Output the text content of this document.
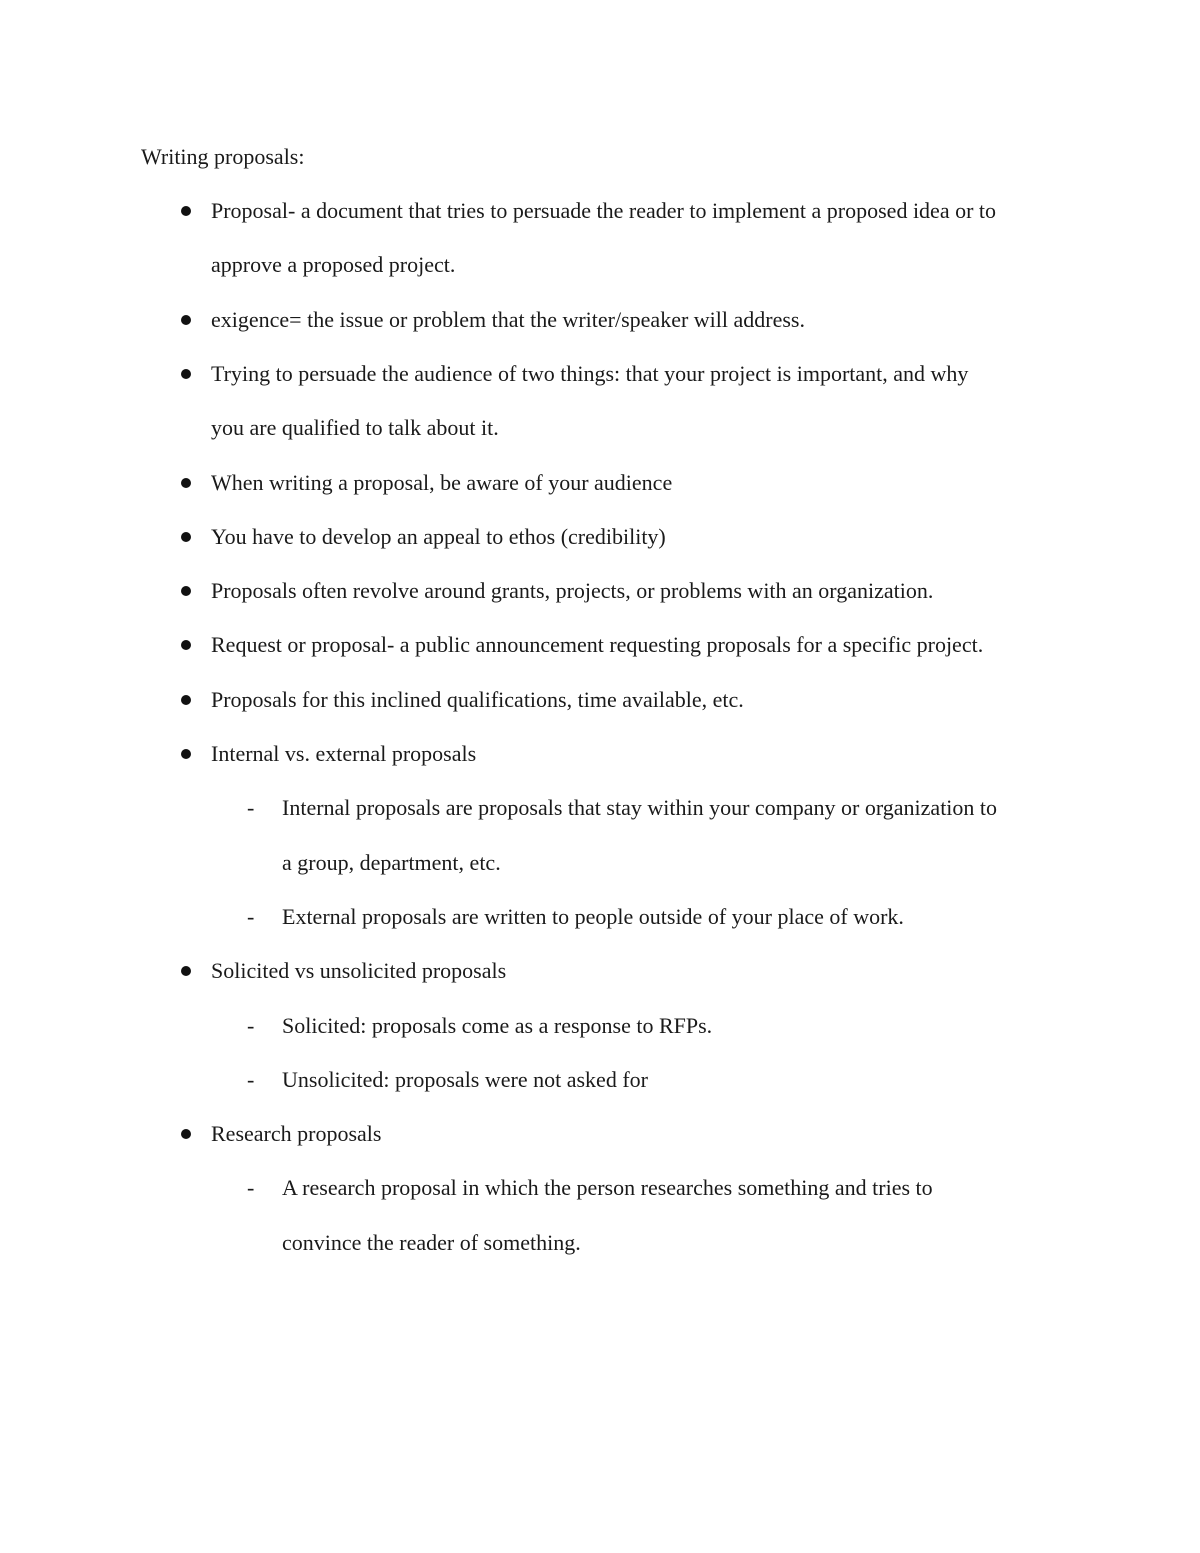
Writing proposals:
Proposal- a document that tries to persuade the reader to implement a proposed idea or to
approve a proposed project.
exigence= the issue or problem that the writer/speaker will address.
Trying to persuade the audience of two things: that your project is important, and why
you are qualified to talk about it.
When writing a proposal, be aware of your audience
You have to develop an appeal to ethos (credibility)
Proposals often revolve around grants, projects, or problems with an organization.
Request or proposal- a public announcement requesting proposals for a specific project.
Proposals for this inclined qualifications, time available, etc.
Internal vs. external proposals
- Internal proposals are proposals that stay within your company or organization to
a group, department, etc.
- External proposals are written to people outside of your place of work.
Solicited vs unsolicited proposals
- Solicited: proposals come as a response to RFPs.
- Unsolicited: proposals were not asked for
Research proposals
- A research proposal in which the person researches something and tries to
convince the reader of something.
